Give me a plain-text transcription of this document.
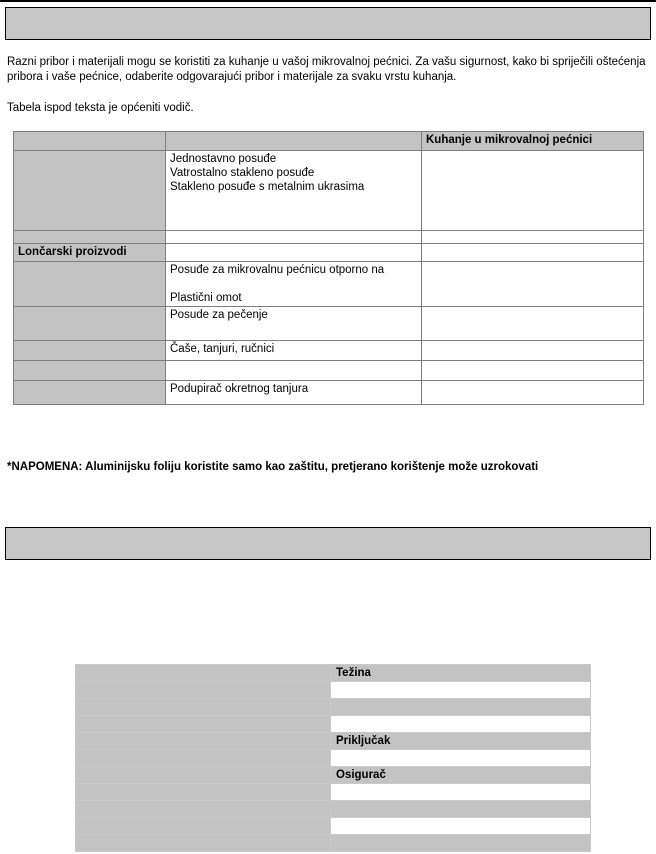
Razni pribor i materijali mogu se koristiti za kuhanje u vašoj mikrovalnoj pećnici. Za vašu sigurnost, kako bi spriječili oštećenja pribora i vaše pećnice, odaberite odgovarajući pribor i materijale za svaku vrstu kuhanja.

Tabela ispod teksta je općeniti vodič.

		Kuhanje u mikrovalnoj pećnici

	Jednostavno posuđe
Vatrostalno stakleno posuđe
Stakleno posuđe s metalnim ukrasima	

Lončarski proizvodi		

	Posuđe za mikrovalnu pećnicu otporno na
Plastični omot	

	Posude za pečenje	
	Čaše, tanjuri, ručnici	

	Podupirač okretnog tanjura	

*NAPOMENA: Aluminijsku foliju koristite samo kao zaštitu, pretjerano korištenje može uzrokovati

	Težina

	Priključak

	Osigurač
